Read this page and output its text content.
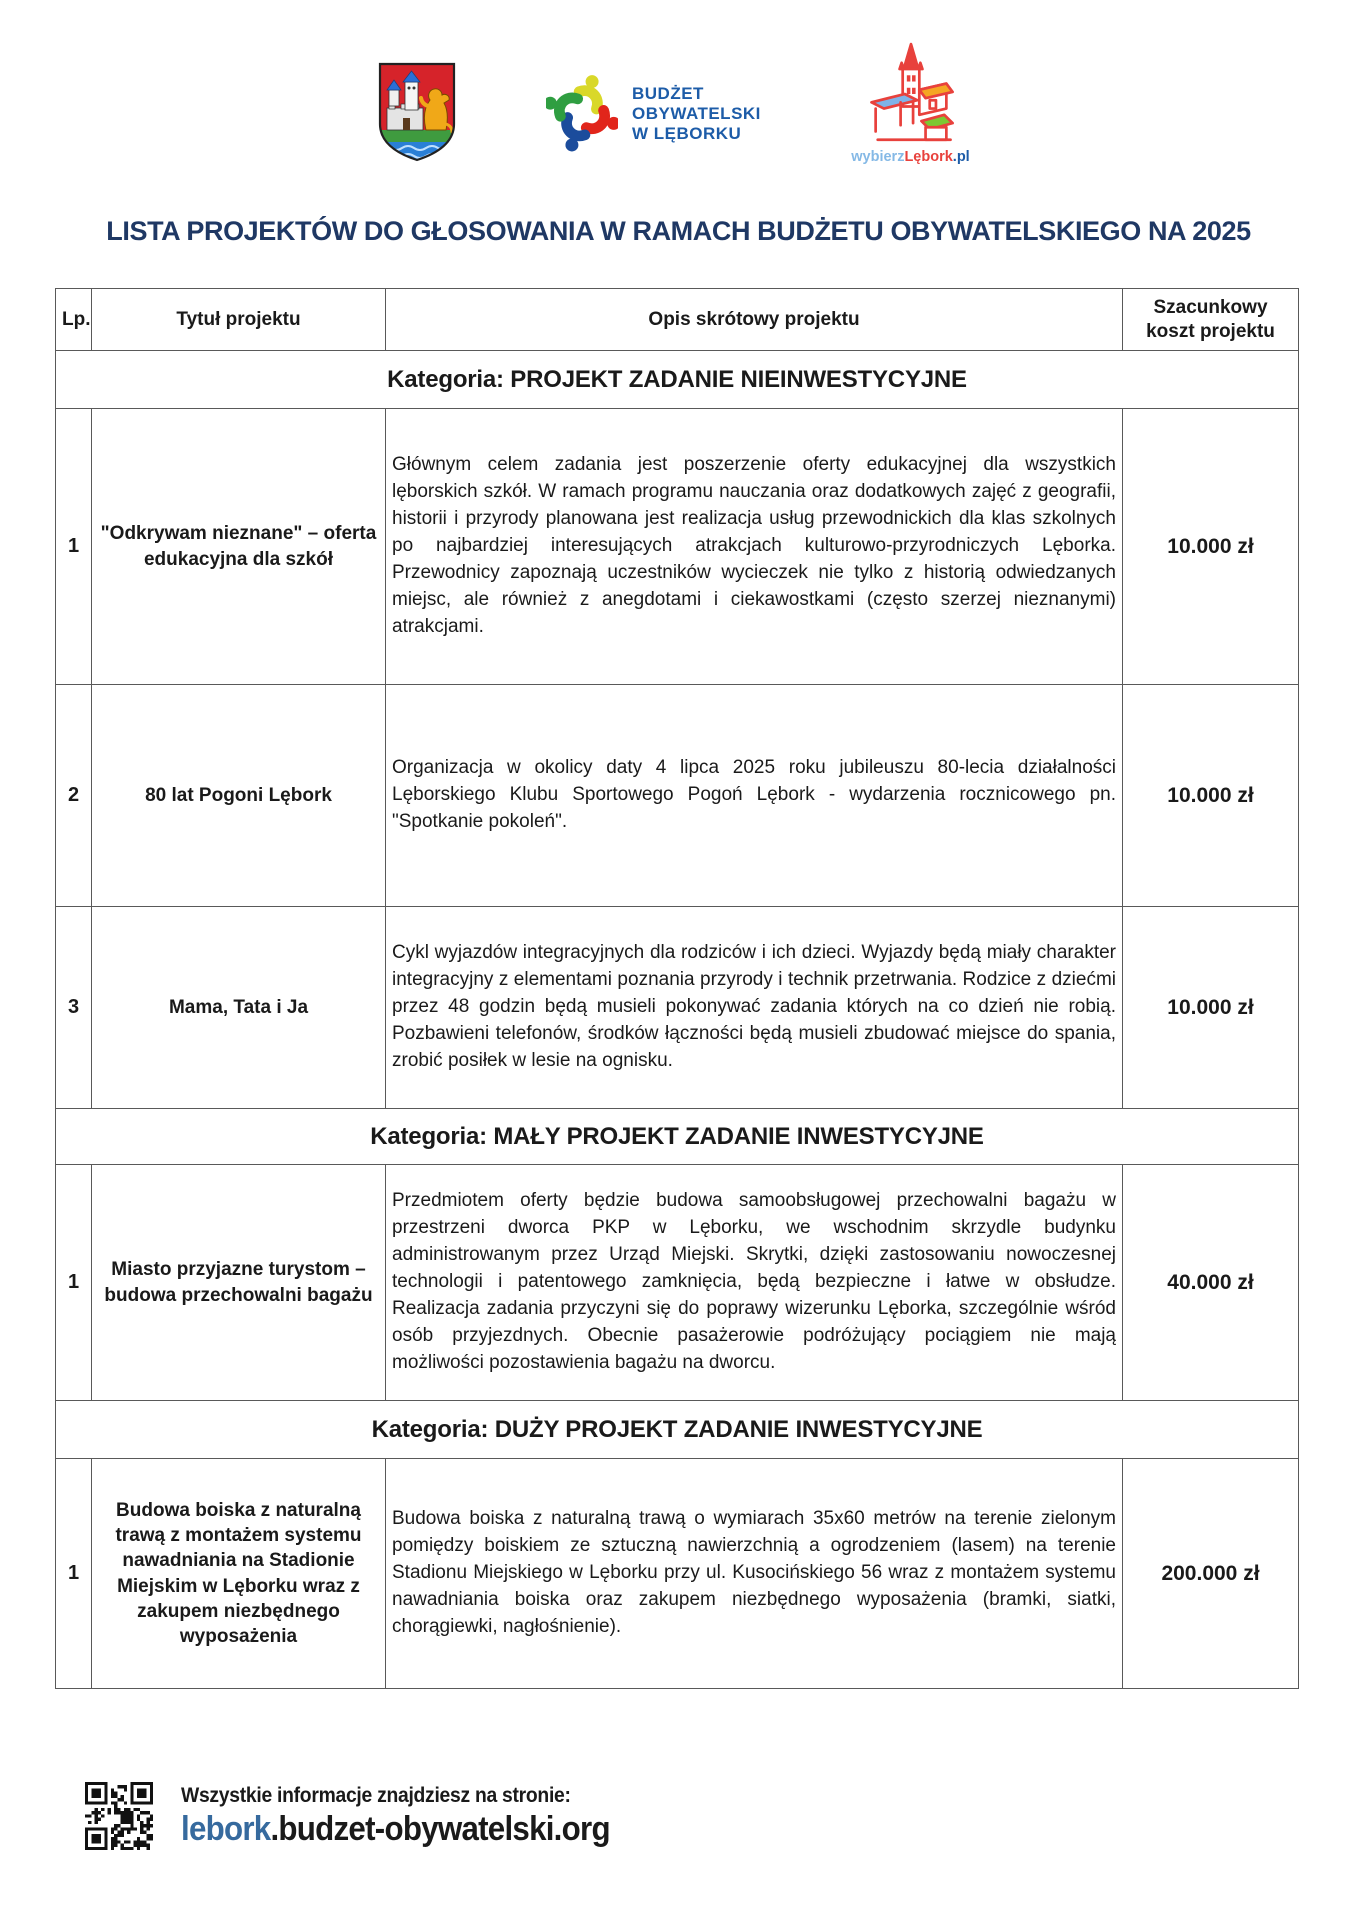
BUDŻET
OBYWATELSKI
W LĘBORKU
wybierzLębork.pl
LISTA PROJEKTÓW DO GŁOSOWANIA W RAMACH BUDŻETU OBYWATELSKIEGO NA 2025
Lp.	Tytuł projektu	Opis skrótowy projektu	Szacunkowy koszt projektu
Kategoria: PROJEKT ZADANIE NIEINWESTYCYJNE			
1	"Odkrywam nieznane" – oferta edukacyjna dla szkół	Głównym celem zadania jest poszerzenie oferty edukacyjnej dla wszystkich lęborskich szkół. W ramach programu nauczania oraz dodatkowych zajęć z geografii, historii i przyrody planowana jest realizacja usług przewodnickich dla klas szkolnych po najbardziej interesujących atrakcjach kulturowo-przyrodniczych Lęborka. Przewodnicy zapoznają uczestników wycieczek nie tylko z historią odwiedzanych miejsc, ale również z anegdotami i ciekawostkami (często szerzej nieznanymi) atrakcjami.	10.000 zł
2	80 lat Pogoni Lębork	Organizacja w okolicy daty 4 lipca 2025 roku jubileuszu 80-lecia działalności Lęborskiego Klubu Sportowego Pogoń Lębork - wydarzenia rocznicowego pn. "Spotkanie pokoleń".	10.000 zł
3	Mama, Tata i Ja	Cykl wyjazdów integracyjnych dla rodziców i ich dzieci. Wyjazdy będą miały charakter integracyjny z elementami poznania przyrody i technik przetrwania. Rodzice z dziećmi przez 48 godzin będą musieli pokonywać zadania których na co dzień nie robią. Pozbawieni telefonów, środków łączności będą musieli zbudować miejsce do spania, zrobić posiłek w lesie na ognisku.	10.000 zł
Kategoria: MAŁY PROJEKT ZADANIE INWESTYCYJNE			
1	Miasto przyjazne turystom – budowa przechowalni bagażu	Przedmiotem oferty będzie budowa samoobsługowej przechowalni bagażu w przestrzeni dworca PKP w Lęborku, we wschodnim skrzydle budynku administrowanym przez Urząd Miejski. Skrytki, dzięki zastosowaniu nowoczesnej technologii i patentowego zamknięcia, będą bezpieczne i łatwe w obsłudze. Realizacja zadania przyczyni się do poprawy wizerunku Lęborka, szczególnie wśród osób przyjezdnych. Obecnie pasażerowie podróżujący pociągiem nie mają możliwości pozostawienia bagażu na dworcu.	40.000 zł
Kategoria: DUŻY PROJEKT ZADANIE INWESTYCYJNE			
1	Budowa boiska z naturalną trawą z montażem systemu nawadniania na Stadionie Miejskim w Lęborku wraz z zakupem niezbędnego wyposażenia	Budowa boiska z naturalną trawą o wymiarach 35x60 metrów na terenie zielonym pomiędzy boiskiem ze sztuczną nawierzchnią a ogrodzeniem (lasem) na terenie Stadionu Miejskiego w Lęborku przy ul. Kusocińskiego 56 wraz z montażem systemu nawadniania boiska oraz zakupem niezbędnego wyposażenia (bramki, siatki, chorągiewki, nagłośnienie).	200.000 zł
Wszystkie informacje znajdziesz na stronie:
lebork.budzet-obywatelski.org
